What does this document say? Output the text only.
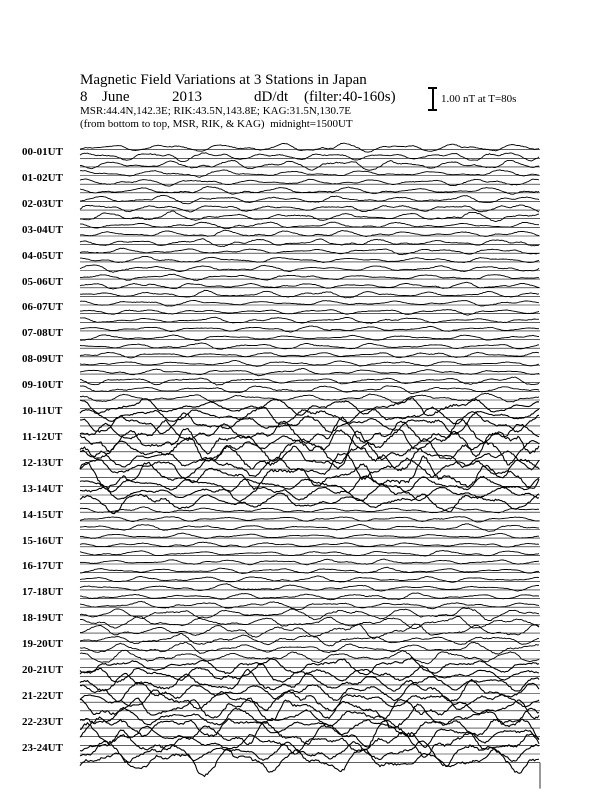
Magnetic Field Variations at 3 Stations in Japan
8 June	2013	dD/dt (filter:40-160s)
MSR:44.4N,142.3E; RIK:43.5N,143.8E; KAG:31.5N,130.7E
(from bottom to top, MSR, RIK, & KAG) midnight=1500UT
1.00 nT at T=80s
00-01UT
01-02UT
02-03UT
03-04UT
04-05UT
05-06UT
06-07UT
07-08UT
08-09UT
09-10UT
10-11UT
11-12UT
12-13UT
13-14UT
14-15UT
15-16UT
16-17UT
17-18UT
18-19UT
19-20UT
20-21UT
21-22UT
22-23UT
23-24UT
